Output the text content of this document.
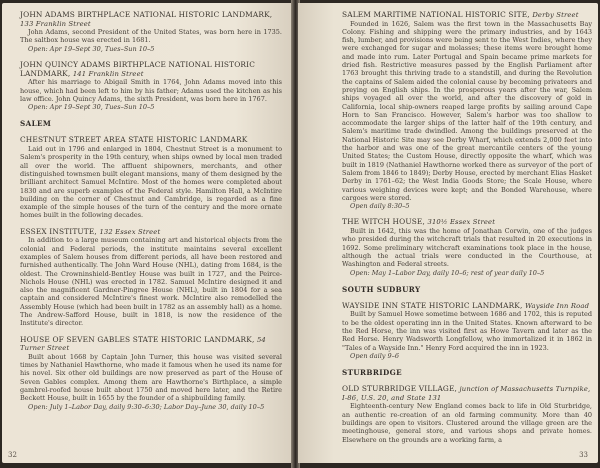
JOHN ADAMS BIRTHPLACE NATIONAL HISTORIC LANDMARK, 133 Franklin Street
John Adams, second President of the United States, was born here in 1735. The saltbox house was erected in 1681.
Open: Apr 19–Sept 30, Tues–Sun 10–5
JOHN QUINCY ADAMS BIRTHPLACE NATIONAL HISTORIC LANDMARK, 141 Franklin Street
After his marriage to Abigail Smith in 1764, John Adams moved into this house, which had been left to him by his father; Adams used the kitchen as his law office. John Quincy Adams, the sixth President, was born here in 1767.
Open: Apr 19–Sept 30, Tues–Sun 10–5
SALEM
CHESTNUT STREET AREA STATE HISTORIC LANDMARK
Laid out in 1796 and enlarged in 1804, Chestnut Street is a monument to Salem's prosperity in the 19th century, when ships owned by local men traded all over the world. The affluent shipowners, merchants, and other distinguished townsmen built elegant mansions, many of them designed by the brilliant architect Samuel McIntire. Most of the homes were completed about 1830 and are superb examples of the Federal style. Hamilton Hall, a McIntire building on the corner of Chestnut and Cambridge, is regarded as a fine example of the simple houses of the turn of the century and the more ornate homes built in the following decades.
ESSEX INSTITUTE, 132 Essex Street
In addition to a large museum containing art and historical objects from the colonial and Federal periods, the institute maintains several excellent examples of Salem houses from different periods, all have been restored and furnished authentically. The John Ward House (NHL), dating from 1684, is the oldest. The Crowninshield-Bentley House was built in 1727, and the Peirce-Nichols House (NHL) was erected in 1782. Samuel McIntire designed it and also the magnificent Gardner-Pingree House (NHL), built in 1804 for a sea captain and considered McIntire's finest work. McIntire also remodelled the Assembly House (which had been built in 1782 as an assembly hall) as a home. The Andrew-Safford House, built in 1818, is now the residence of the Institute's director.
HOUSE OF SEVEN GABLES STATE HISTORIC LANDMARK, 54 Turner Street
Built about 1668 by Captain John Turner, this house was visited several times by Nathaniel Hawthorne, who made it famous when he used its name for his novel. Six other old buildings are now preserved as part of the House of Seven Gables complex. Among them are Hawthorne's Birthplace, a simple gambrel-roofed house built about 1750 and moved here later, and the Retire Beckett House, built in 1655 by the founder of a shipbuilding family.
Open: July 1–Labor Day, daily 9:30–6:30; Labor Day–June 30, daily 10–5
32
SALEM MARITIME NATIONAL HISTORIC SITE, Derby Street
Founded in 1626, Salem was the first town in the Massachusetts Bay Colony. Fishing and shipping were the primary industries, and by 1643 fish, lumber, and provisions were being sent to the West Indies, where they were exchanged for sugar and molasses; these items were brought home and made into rum. Later Portugal and Spain became prime markets for dried fish. Restrictive measures passed by the English Parliament after 1763 brought this thriving trade to a standstill, and during the Revolution the captains of Salem aided the colonial cause by becoming privateers and preying on English ships. In the prosperous years after the war, Salem ships voyaged all over the world, and after the discovery of gold in California, local ship-owners reaped large profits by sailing around Cape Horn to San Francisco. However, Salem's harbor was too shallow to accommodate the larger ships of the latter half of the 19th century, and Salem's maritime trade dwindled. Among the buildings preserved at the National Historic Site may see Derby Wharf, which extends 2,000 feet into the harbor and was one of the great mercantile centers of the young United States; the Custom House, directly opposite the wharf, which was built in 1819 (Nathaniel Hawthorne worked there as surveyor of the port of Salem from 1846 to 1849); Derby House, erected by merchant Elias Hasket Derby in 1761–62; the West India Goods Store; the Scale House, where various weighing devices were kept; and the Bonded Warehouse, where cargoes were stored.
Open daily 8:30–5
THE WITCH HOUSE, 310½ Essex Street
Built in 1642, this was the home of Jonathan Corwin, one of the judges who presided during the witchcraft trials that resulted in 20 executions in 1692. Some preliminary witchcraft examinations took place in the house, although the actual trials were conducted in the Courthouse, at Washington and Federal streets.
Open: May 1–Labor Day, daily 10–6; rest of year daily 10–5
SOUTH SUDBURY
WAYSIDE INN STATE HISTORIC LANDMARK, Wayside Inn Road
Built by Samuel Howe sometime between 1686 and 1702, this is reputed to be the oldest operating inn in the United States. Known afterward to be the Red Horse, the inn was visited first as Howe Tavern and later as the Red Horse. Henry Wadsworth Longfellow, who immortalized it in 1862 in "Tales of a Wayside Inn." Henry Ford acquired the inn in 1923.
Open daily 9–6
STURBRIDGE
OLD STURBRIDGE VILLAGE, junction of Massachusetts Turnpike, I-86, U.S. 20, and State 131
Eighteenth-century New England comes back to life in Old Sturbridge, an authentic re-creation of an old farming community. More than 40 buildings are open to visitors. Clustered around the village green are the meetinghouse, general store, and various shops and private homes. Elsewhere on the grounds are a working farm, a
33
